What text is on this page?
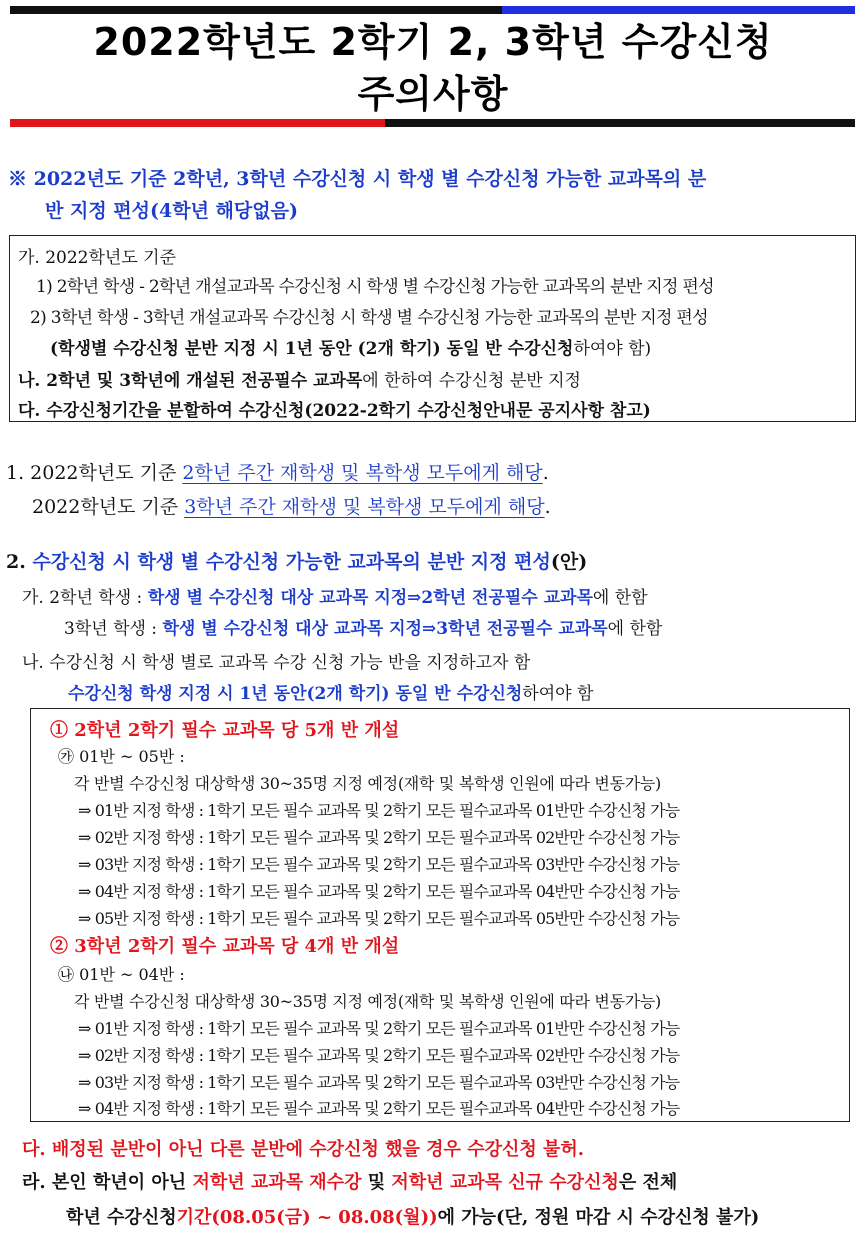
2022학년도 2학기 2, 3학년 수강신청
주의사항
※ 2022년도 기준 2학년, 3학년 수강신청 시 학생 별 수강신청 가능한 교과목의 분
반 지정 편성(4학년 해당없음)
가. 2022학년도 기준
1) 2학년 학생 - 2학년 개설교과목 수강신청 시 학생 별 수강신청 가능한 교과목의 분반 지정 편성
2) 3학년 학생 - 3학년 개설교과목 수강신청 시 학생 별 수강신청 가능한 교과목의 분반 지정 편성
(학생별 수강신청 분반 지정 시 1년 동안 (2개 학기) 동일 반 수강신청하여야 함)
나. 2학년 및 3학년에 개설된 전공필수 교과목에 한하여 수강신청 분반 지정
다. 수강신청기간을 분할하여 수강신청(2022-2학기 수강신청안내문 공지사항 참고)
1. 2022학년도 기준 2학년 주간 재학생 및 복학생 모두에게 해당.
2022학년도 기준 3학년 주간 재학생 및 복학생 모두에게 해당.
2. 수강신청 시 학생 별 수강신청 가능한 교과목의 분반 지정 편성(안)
가. 2학년 학생 : 학생 별 수강신청 대상 교과목 지정⇒2학년 전공필수 교과목에 한함
3학년 학생 : 학생 별 수강신청 대상 교과목 지정⇒3학년 전공필수 교과목에 한함
나. 수강신청 시 학생 별로 교과목 수강 신청 가능 반을 지정하고자 함
수강신청 학생 지정 시 1년 동안(2개 학기) 동일 반 수강신청하여야 함
① 2학년 2학기 필수 교과목 당 5개 반 개설
㉮ 01반 ~ 05반 :
각 반별 수강신청 대상학생 30~35명 지정 예정(재학 및 복학생 인원에 따라 변동가능)
⇒ 01반 지정 학생 : 1학기 모든 필수 교과목 및 2학기 모든 필수교과목 01반만 수강신청 가능
⇒ 02반 지정 학생 : 1학기 모든 필수 교과목 및 2학기 모든 필수교과목 02반만 수강신청 가능
⇒ 03반 지정 학생 : 1학기 모든 필수 교과목 및 2학기 모든 필수교과목 03반만 수강신청 가능
⇒ 04반 지정 학생 : 1학기 모든 필수 교과목 및 2학기 모든 필수교과목 04반만 수강신청 가능
⇒ 05반 지정 학생 : 1학기 모든 필수 교과목 및 2학기 모든 필수교과목 05반만 수강신청 가능
② 3학년 2학기 필수 교과목 당 4개 반 개설
㉯ 01반 ~ 04반 :
각 반별 수강신청 대상학생 30~35명 지정 예정(재학 및 복학생 인원에 따라 변동가능)
⇒ 01반 지정 학생 : 1학기 모든 필수 교과목 및 2학기 모든 필수교과목 01반만 수강신청 가능
⇒ 02반 지정 학생 : 1학기 모든 필수 교과목 및 2학기 모든 필수교과목 02반만 수강신청 가능
⇒ 03반 지정 학생 : 1학기 모든 필수 교과목 및 2학기 모든 필수교과목 03반만 수강신청 가능
⇒ 04반 지정 학생 : 1학기 모든 필수 교과목 및 2학기 모든 필수교과목 04반만 수강신청 가능
다. 배정된 분반이 아닌 다른 분반에 수강신청 했을 경우 수강신청 불허.
라. 본인 학년이 아닌 저학년 교과목 재수강 및 저학년 교과목 신규 수강신청은 전체
학년 수강신청기간(08.05(금) ~ 08.08(월))에 가능(단, 정원 마감 시 수강신청 불가)
